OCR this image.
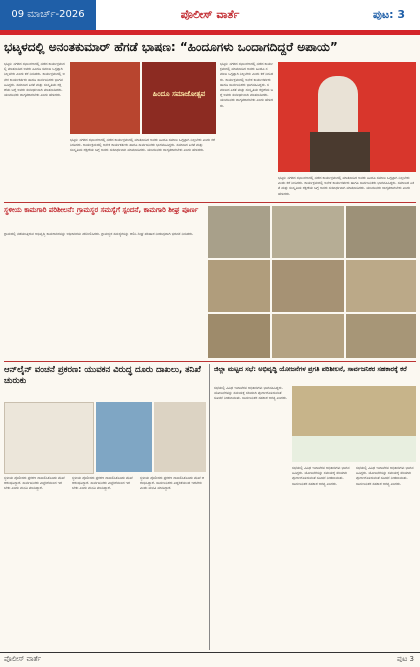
09 ಮಾರ್ಚ್-2026	ಪೊಲೀಸ್ ವಾರ್ತೆ	ಪುಟ: 3
ಭಟ್ಕಳದಲ್ಲಿ ಅನಂತಕುಮಾರ್ ಹೆಗಡೆ ಭಾಷಣ: “ಹಿಂದೂಗಳು ಒಂದಾಗದಿದ್ದರೆ ಅಪಾಯ”
ಭಟ್ಕಳ: ನಗರದ ಸಭಾಂಗಣದಲ್ಲಿ ನಡೆದ ಕಾರ್ಯಕ್ರಮದಲ್ಲಿ ಮಾತನಾಡಿದ ಅವರು ಹಿಂದೂ ಸಮಾಜ ಒಗ್ಗಟ್ಟಾಗಿ ನಿಲ್ಲಬೇಕು ಎಂದು ಕರೆ ನೀಡಿದರು. ಕಾರ್ಯಕ್ರಮದಲ್ಲಿ ಅನೇಕ ಕಾರ್ಯಕರ್ತರು ಹಾಗೂ ಸಾರ್ವಜನಿಕರು ಭಾಗವಹಿಸಿದ್ದರು. ಸಮಾಜದ ಏಕತೆ ಮತ್ತು ಸಂಸ್ಕೃತಿಯ ರಕ್ಷಣೆಯ ಬಗ್ಗೆ ಅವರು ಸುದೀರ್ಘವಾಗಿ ಮಾತನಾಡಿದರು. ಯುವಜನರು ಜಾಗೃತರಾಗಬೇಕು ಎಂದು ಹೇಳಿದರು.	ಹಿಂದೂ ಸಮಾಜೋತ್ಸವ
ಭಟ್ಕಳ: ನಗರದ ಸಭಾಂಗಣದಲ್ಲಿ ನಡೆದ ಕಾರ್ಯಕ್ರಮದಲ್ಲಿ ಮಾತನಾಡಿದ ಅವರು ಹಿಂದೂ ಸಮಾಜ ಒಗ್ಗಟ್ಟಾಗಿ ನಿಲ್ಲಬೇಕು ಎಂದು ಕರೆ ನೀಡಿದರು. ಕಾರ್ಯಕ್ರಮದಲ್ಲಿ ಅನೇಕ ಕಾರ್ಯಕರ್ತರು ಹಾಗೂ ಸಾರ್ವಜನಿಕರು ಭಾಗವಹಿಸಿದ್ದರು. ಸಮಾಜದ ಏಕತೆ ಮತ್ತು ಸಂಸ್ಕೃತಿಯ ರಕ್ಷಣೆಯ ಬಗ್ಗೆ ಅವರು ಸುದೀರ್ಘವಾಗಿ ಮಾತನಾಡಿದರು. ಯುವಜನರು ಜಾಗೃತರಾಗಬೇಕು ಎಂದು ಹೇಳಿದರು.
ಭಟ್ಕಳ: ನಗರದ ಸಭಾಂಗಣದಲ್ಲಿ ನಡೆದ ಕಾರ್ಯಕ್ರಮದಲ್ಲಿ ಮಾತನಾಡಿದ ಅವರು ಹಿಂದೂ ಸಮಾಜ ಒಗ್ಗಟ್ಟಾಗಿ ನಿಲ್ಲಬೇಕು ಎಂದು ಕರೆ ನೀಡಿದರು. ಕಾರ್ಯಕ್ರಮದಲ್ಲಿ ಅನೇಕ ಕಾರ್ಯಕರ್ತರು ಹಾಗೂ ಸಾರ್ವಜನಿಕರು ಭಾಗವಹಿಸಿದ್ದರು. ಸಮಾಜದ ಏಕತೆ ಮತ್ತು ಸಂಸ್ಕೃತಿಯ ರಕ್ಷಣೆಯ ಬಗ್ಗೆ ಅವರು ಸುದೀರ್ಘವಾಗಿ ಮಾತನಾಡಿದರು. ಯುವಜನರು ಜಾಗೃತರಾಗಬೇಕು ಎಂದು ಹೇಳಿದರು.
ಭಟ್ಕಳ: ನಗರದ ಸಭಾಂಗಣದಲ್ಲಿ ನಡೆದ ಕಾರ್ಯಕ್ರಮದಲ್ಲಿ ಮಾತನಾಡಿದ ಅವರು ಹಿಂದೂ ಸಮಾಜ ಒಗ್ಗಟ್ಟಾಗಿ ನಿಲ್ಲಬೇಕು ಎಂದು ಕರೆ ನೀಡಿದರು. ಕಾರ್ಯಕ್ರಮದಲ್ಲಿ ಅನೇಕ ಕಾರ್ಯಕರ್ತರು ಹಾಗೂ ಸಾರ್ವಜನಿಕರು ಭಾಗವಹಿಸಿದ್ದರು. ಸಮಾಜದ ಏಕತೆ ಮತ್ತು ಸಂಸ್ಕೃತಿಯ ರಕ್ಷಣೆಯ ಬಗ್ಗೆ ಅವರು ಸುದೀರ್ಘವಾಗಿ ಮಾತನಾಡಿದರು. ಯುವಜನರು ಜಾಗೃತರಾಗಬೇಕು ಎಂದು ಹೇಳಿದರು.
ಸ್ಥಳೀಯ ಕಾಮಗಾರಿ ಪರಿಶೀಲನೆ: ಗ್ರಾಮಸ್ಥರ ಸಮಸ್ಯೆಗೆ ಸ್ಪಂದನೆ, ಕಾಮಗಾರಿ ಶೀಘ್ರ ಪೂರ್ಣ
ಗ್ರಾಮದಲ್ಲಿ ನಡೆಯುತ್ತಿರುವ ಅಭಿವೃದ್ಧಿ ಕಾಮಗಾರಿಗಳನ್ನು ಅಧಿಕಾರಿಗಳು ಪರಿಶೀಲಿಸಿದರು. ಗ್ರಾಮಸ್ಥರ ಸಮಸ್ಯೆಗಳನ್ನು ಆಲಿಸಿ ಶೀಘ್ರ ಪರಿಹಾರ ನೀಡುವುದಾಗಿ ಭರವಸೆ ನೀಡಿದರು.
ಆನ್‌ಲೈನ್ ವಂಚನೆ ಪ್ರಕರಣ: ಯುವಕನ ವಿರುದ್ಧ ದೂರು ದಾಖಲು, ತನಿಖೆ ಚುರುಕು
ಸ್ಥಳೀಯ ಪೊಲೀಸರು ಪ್ರಕರಣ ದಾಖಲಿಸಿಕೊಂಡು ತನಿಖೆ ಆರಂಭಿಸಿದ್ದಾರೆ. ಸಾರ್ವಜನಿಕರು ಎಚ್ಚರಿಕೆಯಿಂದ ಇರಬೇಕು ಎಂದು ಮನವಿ ಮಾಡಿದ್ದಾರೆ.
ಸ್ಥಳೀಯ ಪೊಲೀಸರು ಪ್ರಕರಣ ದಾಖಲಿಸಿಕೊಂಡು ತನಿಖೆ ಆರಂಭಿಸಿದ್ದಾರೆ. ಸಾರ್ವಜನಿಕರು ಎಚ್ಚರಿಕೆಯಿಂದ ಇರಬೇಕು ಎಂದು ಮನವಿ ಮಾಡಿದ್ದಾರೆ.
ಸ್ಥಳೀಯ ಪೊಲೀಸರು ಪ್ರಕರಣ ದಾಖಲಿಸಿಕೊಂಡು ತನಿಖೆ ಆರಂಭಿಸಿದ್ದಾರೆ. ಸಾರ್ವಜನಿಕರು ಎಚ್ಚರಿಕೆಯಿಂದ ಇರಬೇಕು ಎಂದು ಮನವಿ ಮಾಡಿದ್ದಾರೆ.
ಜಿಲ್ಲಾ ಮಟ್ಟದ ಸಭೆ: ಅಭಿವೃದ್ಧಿ ಯೋಜನೆಗಳ ಪ್ರಗತಿ ಪರಿಶೀಲನೆ, ಸಾರ್ವಜನಿಕರ ಸಹಕಾರಕ್ಕೆ ಕರೆ
ಸಭೆಯಲ್ಲಿ ವಿವಿಧ ಇಲಾಖೆಗಳ ಅಧಿಕಾರಿಗಳು ಭಾಗವಹಿಸಿದ್ದರು. ಯೋಜನೆಗಳನ್ನು ಸಮಯಕ್ಕೆ ಸರಿಯಾಗಿ ಪೂರ್ಣಗೊಳಿಸುವಂತೆ ಸೂಚನೆ ನೀಡಲಾಯಿತು. ಸಾರ್ವಜನಿಕರ ಸಹಕಾರ ಅಗತ್ಯ ಎಂದರು.
ಸಭೆಯಲ್ಲಿ ವಿವಿಧ ಇಲಾಖೆಗಳ ಅಧಿಕಾರಿಗಳು ಭಾಗವಹಿಸಿದ್ದರು. ಯೋಜನೆಗಳನ್ನು ಸಮಯಕ್ಕೆ ಸರಿಯಾಗಿ ಪೂರ್ಣಗೊಳಿಸುವಂತೆ ಸೂಚನೆ ನೀಡಲಾಯಿತು. ಸಾರ್ವಜನಿಕರ ಸಹಕಾರ ಅಗತ್ಯ ಎಂದರು.
ಸಭೆಯಲ್ಲಿ ವಿವಿಧ ಇಲಾಖೆಗಳ ಅಧಿಕಾರಿಗಳು ಭಾಗವಹಿಸಿದ್ದರು. ಯೋಜನೆಗಳನ್ನು ಸಮಯಕ್ಕೆ ಸರಿಯಾಗಿ ಪೂರ್ಣಗೊಳಿಸುವಂತೆ ಸೂಚನೆ ನೀಡಲಾಯಿತು. ಸಾರ್ವಜನಿಕರ ಸಹಕಾರ ಅಗತ್ಯ ಎಂದರು.
ಪೊಲೀಸ್ ವಾರ್ತೆ	ಪುಟ 3
